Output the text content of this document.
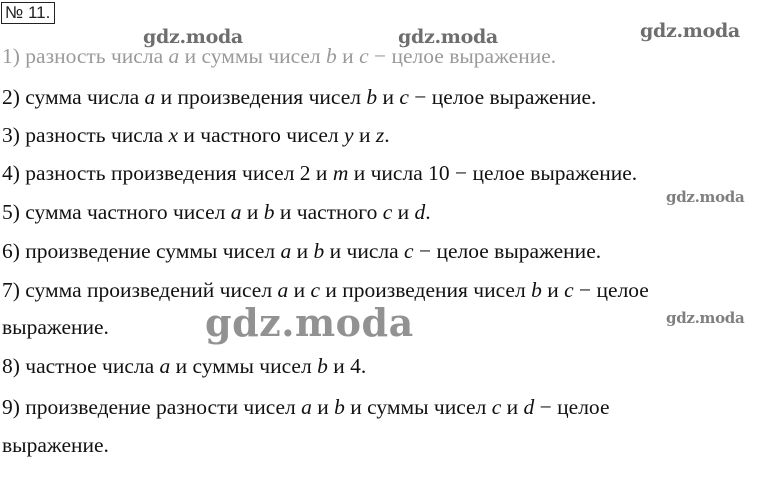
№ 11.
1) разность числа a и суммы чисел b и c − целое выражение.
2) сумма числа a и произведения чисел b и c − целое выражение.
3) разность числа x и частного чисел y и z.
4) разность произведения чисел 2 и m и числа 10 − целое выражение.
5) сумма частного чисел a и b и частного c и d.
6) произведение суммы чисел a и b и числа c − целое выражение.
7) сумма произведений чисел a и c и произведения чисел b и c − целое
выражение.
8) частное числа a и суммы чисел b и 4.
9) произведение разности чисел a и b и суммы чисел c и d − целое
выражение.
gdz.moda	gdz.moda	gdz.moda
gdz.moda
gdz.moda	gdz.moda
